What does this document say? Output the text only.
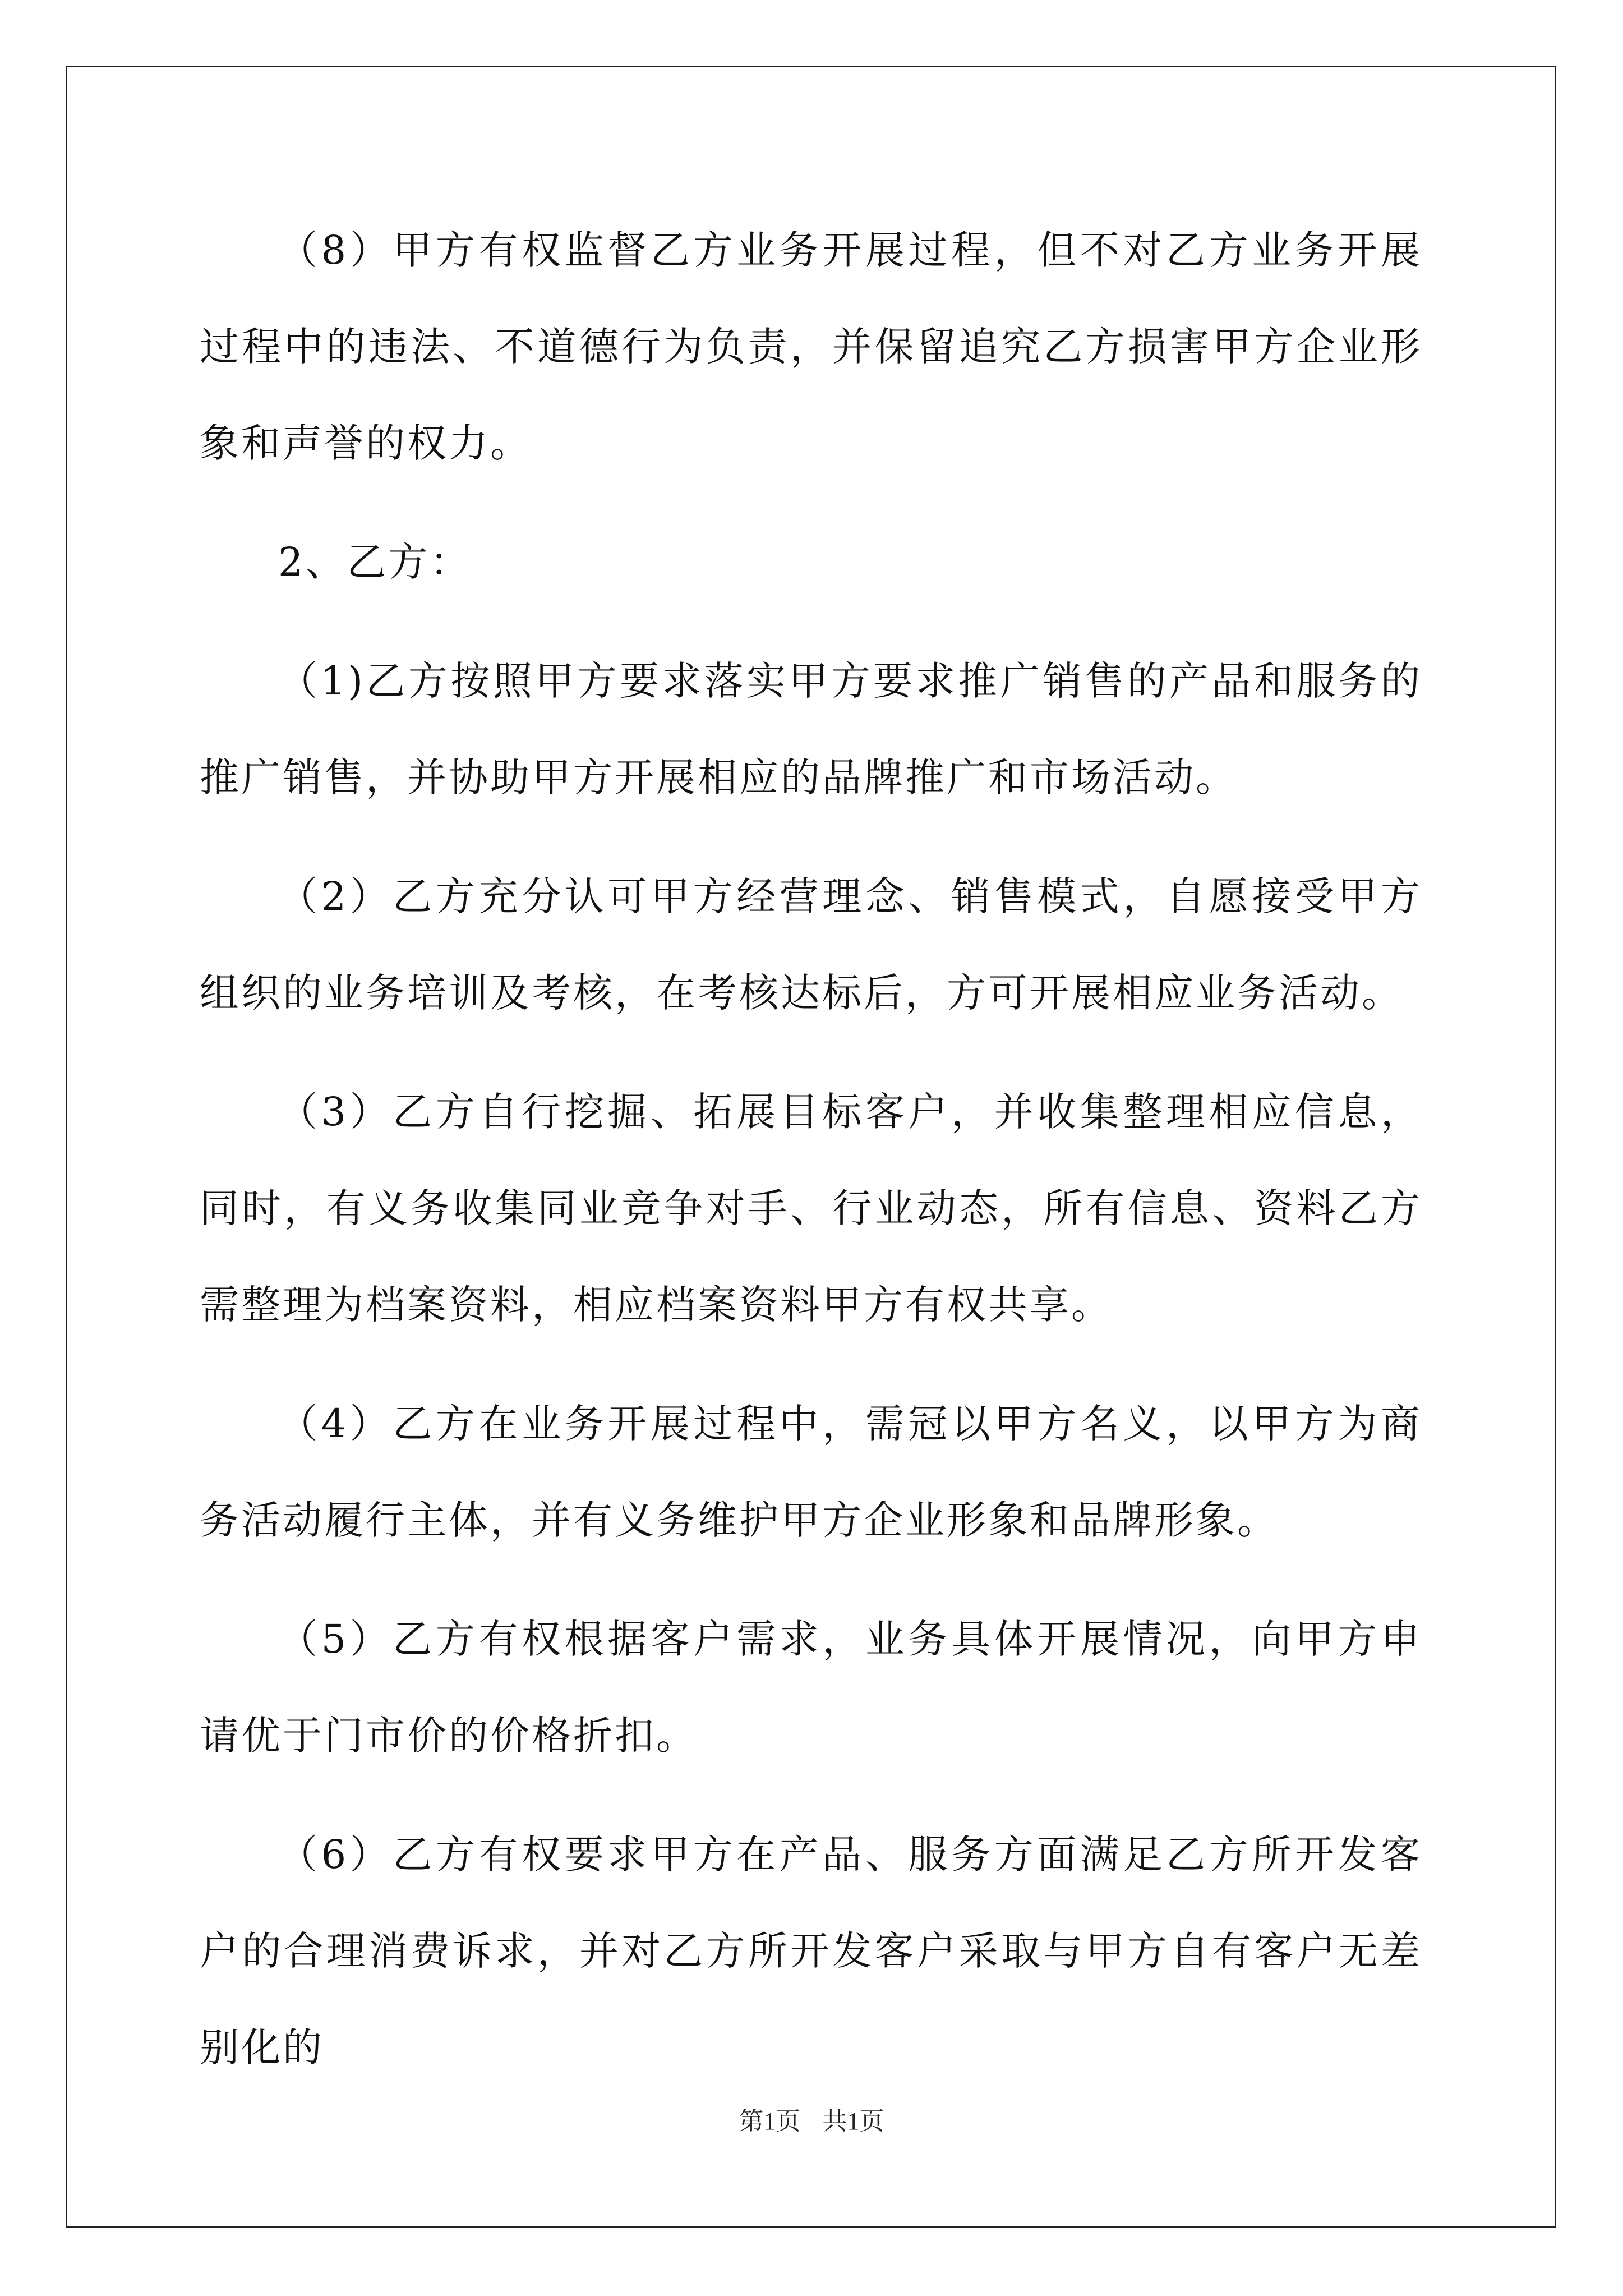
（8）甲方有权监督乙方业务开展过程，但不对乙方业务开展过程中的违法、不道德行为负责，并保留追究乙方损害甲方企业形象和声誉的权力。

2、乙方：

（1)乙方按照甲方要求落实甲方要求推广销售的产品和服务的推广销售，并协助甲方开展相应的品牌推广和市场活动。

（2）乙方充分认可甲方经营理念、销售模式，自愿接受甲方组织的业务培训及考核，在考核达标后，方可开展相应业务活动。

（3）乙方自行挖掘、拓展目标客户，并收集整理相应信息，同时，有义务收集同业竞争对手、行业动态，所有信息、资料乙方需整理为档案资料，相应档案资料甲方有权共享。

（4）乙方在业务开展过程中，需冠以甲方名义，以甲方为商务活动履行主体，并有义务维护甲方企业形象和品牌形象。

（5）乙方有权根据客户需求，业务具体开展情况，向甲方申请优于门市价的价格折扣。

（6）乙方有权要求甲方在产品、服务方面满足乙方所开发客户的合理消费诉求，并对乙方所开发客户采取与甲方自有客户无差别化的

第1页 共1页
